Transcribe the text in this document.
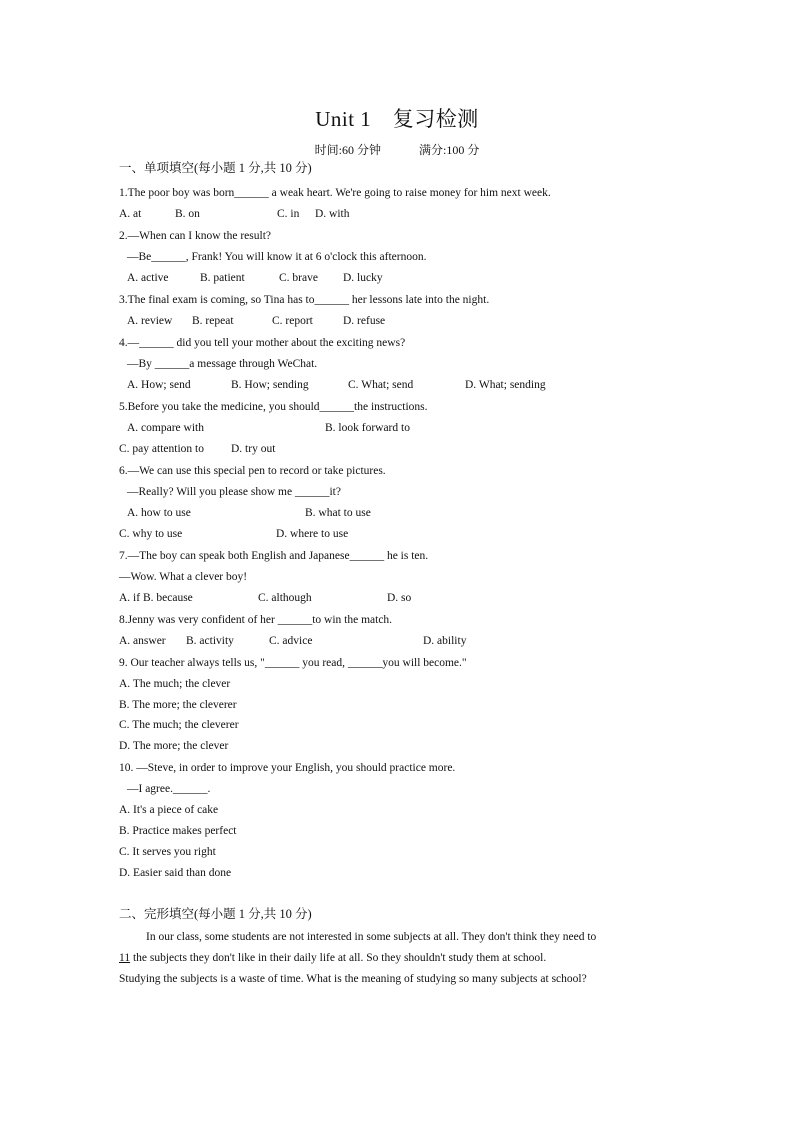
Unit 1　复习检测
时间:60 分钟	满分:100 分
一、单项填空(每小题 1 分,共 10 分)
1.The poor boy was born______ a weak heart. We're going to raise money for him next week.
A. at	B. on	C. in D. with
2.—When can I know the result?
—Be______, Frank! You will know it at 6 o'clock this afternoon.
A. active	B. patient	C. brave D. lucky
3.The final exam is coming, so Tina has to______ her lessons late into the night.
A. review B. repeat	C. report	D. refuse
4.—______ did you tell your mother about the exciting news?
—By ______a message through WeChat.
A. How; send	B. How; sending	C. What; send	D. What; sending
5.Before you take the medicine, you should______the instructions.
A. compare with	B. look forward to
C. pay attention to D. try out
6.—We can use this special pen to record or take pictures.
—Really? Will you please show me ______it?
A. how to use	B. what to use
C. why to use	D. where to use
7.—The boy can speak both English and Japanese______ he is ten.
—Wow. What a clever boy!
A. if B. because	C. although	D. so
8.Jenny was very confident of her ______to win the match.
A. answer B. activity	C. advice	D. ability
9. Our teacher always tells us, "______ you read, ______you will become."
A. The much; the clever
B. The more; the cleverer
C. The much; the cleverer
D. The more; the clever
10. —Steve, in order to improve your English, you should practice more.
—I agree.______.
A. It's a piece of cake
B. Practice makes perfect
C. It serves you right
D. Easier said than done
二、完形填空(每小题 1 分,共 10 分)
In our class, some students are not interested in some subjects at all. They don't think they need to
11 the subjects they don't like in their daily life at all. So they shouldn't study them at school.
Studying the subjects is a waste of time. What is the meaning of studying so many subjects at school?
